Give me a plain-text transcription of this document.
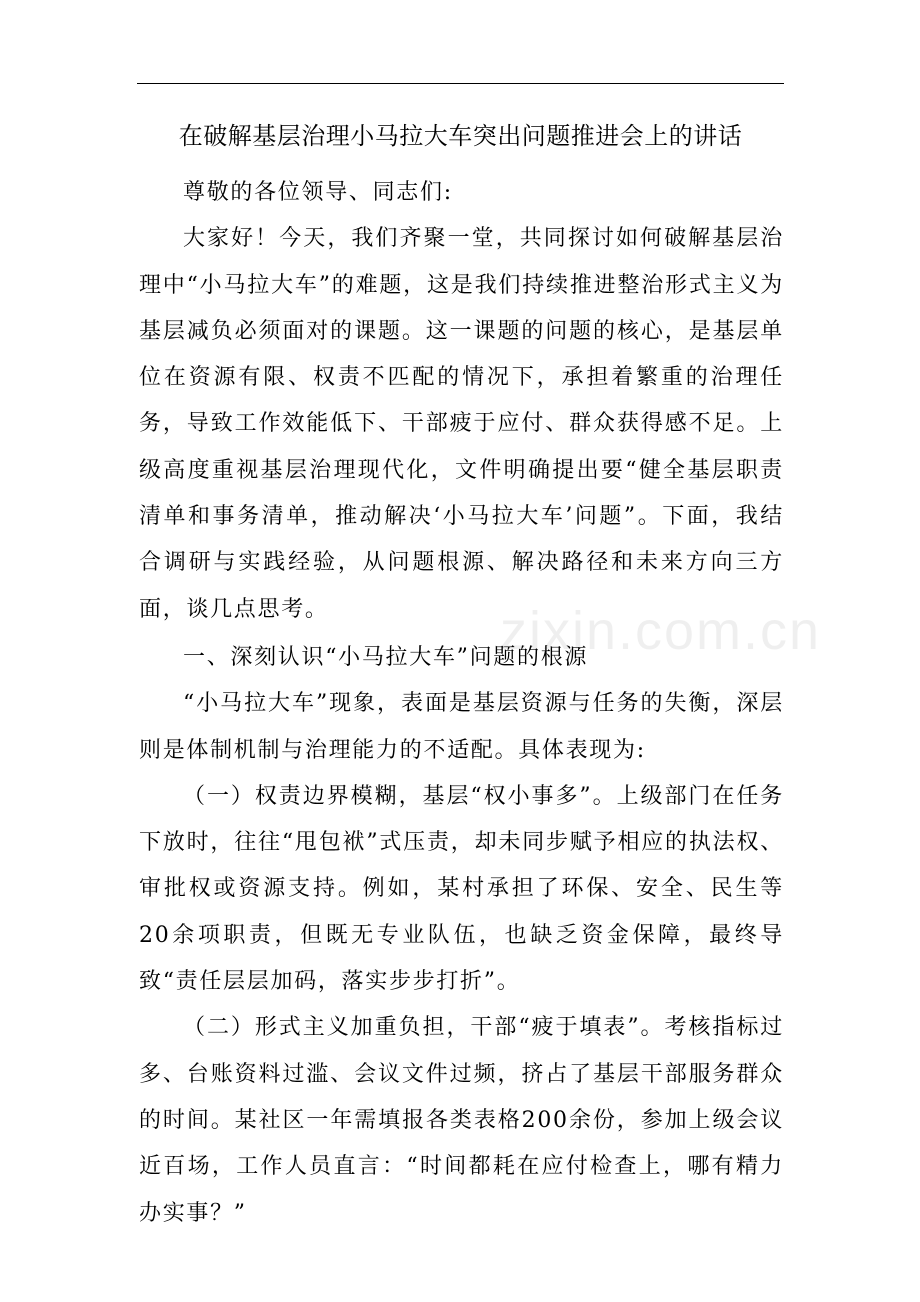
在破解基层治理小马拉大车突出问题推进会上的讲话

尊敬的各位领导、同志们:

大家好！今天，我们齐聚一堂，共同探讨如何破解基层治理中“小马拉大车”的难题，这是我们持续推进整治形式主义为基层减负必须面对的课题。这一课题的问题的核心，是基层单位在资源有限、权责不匹配的情况下，承担着繁重的治理任务，导致工作效能低下、干部疲于应付、群众获得感不足。上级高度重视基层治理现代化，文件明确提出要“健全基层职责清单和事务清单，推动解决‘小马拉大车’问题”。下面，我结合调研与实践经验，从问题根源、解决路径和未来方向三方面，谈几点思考。

一、深刻认识“小马拉大车”问题的根源

“小马拉大车”现象，表面是基层资源与任务的失衡，深层则是体制机制与治理能力的不适配。具体表现为:

（一）权责边界模糊，基层“权小事多”。上级部门在任务下放时，往往“甩包袱”式压责，却未同步赋予相应的执法权、审批权或资源支持。例如，某村承担了环保、安全、民生等20余项职责，但既无专业队伍，也缺乏资金保障，最终导致“责任层层加码，落实步步打折”。

（二）形式主义加重负担，干部“疲于填表”。考核指标过多、台账资料过滥、会议文件过频，挤占了基层干部服务群众的时间。某社区一年需填报各类表格200余份，参加上级会议近百场，工作人员直言：“时间都耗在应付检查上，哪有精力办实事？”

zixin.com.cn
